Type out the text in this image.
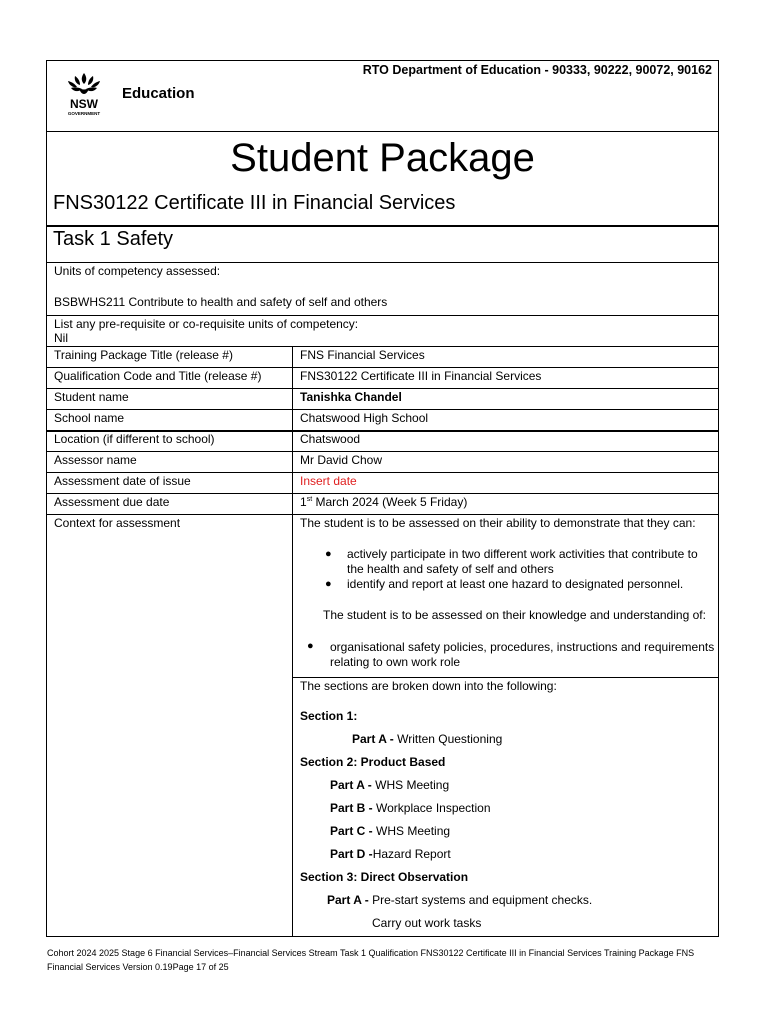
RTO Department of Education - 90333, 90222, 90072, 90162
NSW
GOVERNMENT
Education
Student Package
FNS30122 Certificate III in Financial Services
Task 1 Safety
Units of competency assessed:
BSBWHS211 Contribute to health and safety of self and others
List any pre-requisite or co-requisite units of competency:
Nil
Training Package Title (release #)	FNS Financial Services
Qualification Code and Title (release #)	FNS30122 Certificate III in Financial Services
Student name	Tanishka Chandel
School name	Chatswood High School
Location (if different to school)	Chatswood
Assessor name	Mr David Chow
Assessment date of issue	Insert date
Assessment due date	1st March 2024 (Week 5 Friday)
Context for assessment	The student is to be assessed on their ability to demonstrate that they can:
● actively participate in two different work activities that contribute to the health and safety of self and others
● identify and report at least one hazard to designated personnel.
The student is to be assessed on their knowledge and understanding of:
● organisational safety policies, procedures, instructions and requirements relating to own work role
The sections are broken down into the following:
Section 1:
Part A - Written Questioning
Section 2: Product Based
Part A - WHS Meeting
Part B - Workplace Inspection
Part C - WHS Meeting
Part D -Hazard Report
Section 3: Direct Observation
Part A - Pre-start systems and equipment checks.
Carry out work tasks
Cohort 2024 2025 Stage 6 Financial Services–Financial Services Stream Task 1 Qualification FNS30122 Certificate III in Financial Services Training Package FNS Financial Services Version 0.19Page 17 of 25
